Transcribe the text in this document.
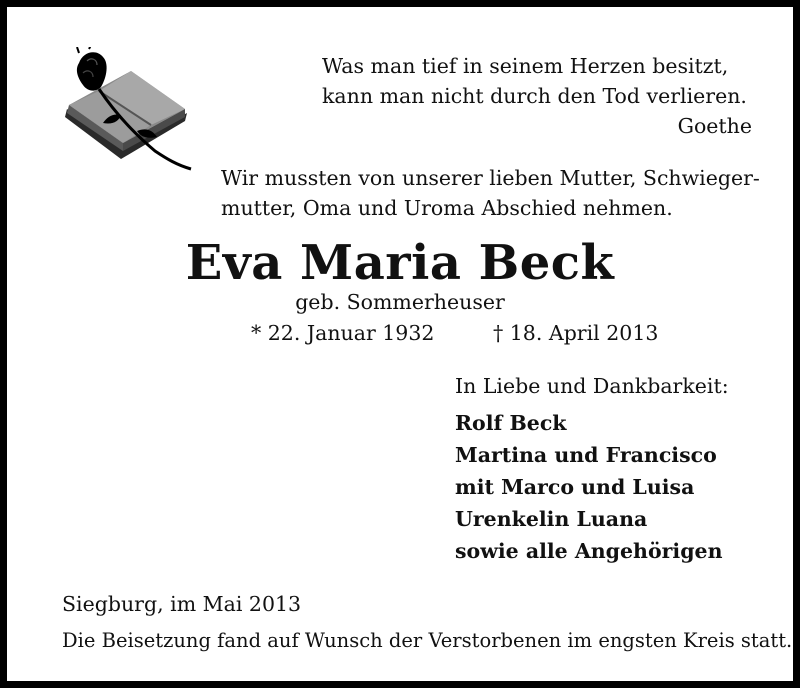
Was man tief in seinem Herzen besitzt,
kann man nicht durch den Tod verlieren.
Goethe
Wir mussten von unserer lieben Mutter, Schwieger-
mutter, Oma und Uroma Abschied nehmen.
Eva Maria Beck
geb. Sommerheuser
* 22. Januar 1932	† 18. April 2013
In Liebe und Dankbarkeit:
Rolf Beck
Martina und Francisco
mit Marco und Luisa
Urenkelin Luana
sowie alle Angehörigen
Siegburg, im Mai 2013
Die Beisetzung fand auf Wunsch der Verstorbenen im engsten Kreis statt.
